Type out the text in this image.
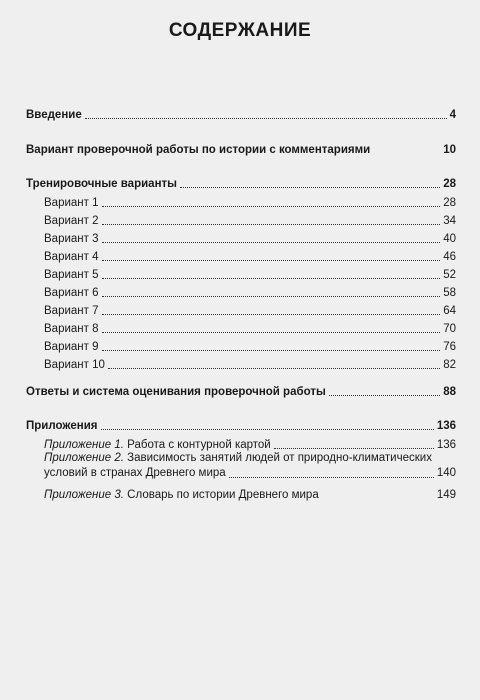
СОДЕРЖАНИЕ
Введение	4
Вариант проверочной работы по истории с комментариями	10
Тренировочные варианты	28
Вариант 1	28
Вариант 2	34
Вариант 3	40
Вариант 4	46
Вариант 5	52
Вариант 6	58
Вариант 7	64
Вариант 8	70
Вариант 9	76
Вариант 10	82
Ответы и система оценивания проверочной работы	88
Приложения	136
Приложение 1. Работа с контурной картой	136
Приложение 2. Зависимость занятий людей от природно-климатических
условий в странах Древнего мира	140
Приложение 3. Словарь по истории Древнего мира	149
